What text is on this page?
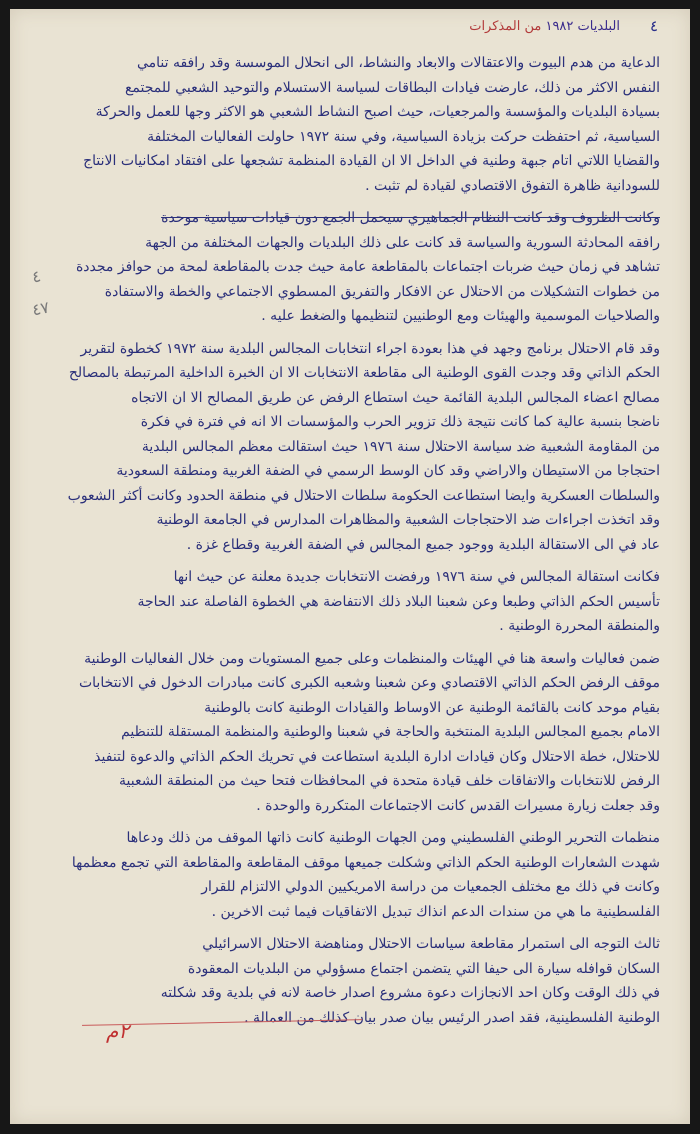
٤
البلديات ١٩٨٢ من المذكرات
الدعاية من هدم البيوت والاعتقالات والابعاد والنشاط، الى انحلال الموسسة وقد رافقه تنامي
النفس الاكثر من ذلك، عارضت فيادات البطاقات لسياسة الاستسلام والتوحيد الشعبي للمجتمع
بسيادة البلديات والمؤسسة والمرجعيات، حيث اصبح النشاط الشعبي هو الاكثر وجها للعمل والحركة
السياسية، ثم احتفظت حركت بزيادة السياسية، وفي سنة ١٩٧٢ حاولت الفعاليات المختلفة
والقضايا اللاتي اتام جبهة وطنية في الداخل الا ان القيادة المنظمة تشجعها على افتقاد امكانيات الانتاج
للسودانية ظاهرة التفوق الاقتصادي لقيادة لم تثبت .
وكانت الظروف وقد كانت النظام الجماهيري سيحمل الجمع دون قيادات سياسية موحدة
رافقه المحادثة السورية والسياسة قد كانت على ذلك البلديات والجهات المختلفة من الجهة
تشاهد في زمان حيث ضربات اجتماعات بالمقاطعة عامة حيث جدت بالمقاطعة لمحة من حوافز مجددة
من خطوات التشكيلات من الاحتلال عن الافكار والتفريق المسطوي الاجتماعي والخطة والاستفادة
والصلاحيات الموسمية والهيئات ومع الوطنيين لتنظيمها والضغط عليه .
وقد قام الاحتلال برنامج وجهد في هذا بعودة اجراء انتخابات المجالس البلدية سنة ١٩٧٢ كخطوة لتقرير
الحكم الذاتي وقد وجدت القوى الوطنية الى مقاطعة الانتخابات الا ان الخبرة الداخلية المرتبطة بالمصالح
مصالح اعضاء المجالس البلدية القائمة حيث استطاع الرفض عن طريق المصالح الا ان الاتجاه
ناضجا بنسبة عالية كما كانت نتيجة ذلك تزوير الحرب والمؤسسات الا انه في فترة في فكرة
من المقاومة الشعبية ضد سياسة الاحتلال سنة ١٩٧٦ حيث استقالت معظم المجالس البلدية
احتجاجا من الاستيطان والاراضي وقد كان الوسط الرسمي في الضفة الغربية ومنطقة السعودية
والسلطات العسكرية وايضا استطاعت الحكومة سلطات الاحتلال في منطقة الحدود وكانت أكثر الشعوب
وقد اتخذت اجراءات ضد الاحتجاجات الشعبية والمظاهرات المدارس في الجامعة الوطنية
عاد في الى الاستقالة البلدية ووجود جميع المجالس في الضفة الغربية وقطاع غزة .
فكانت استقالة المجالس في سنة ١٩٧٦ ورفضت الانتخابات جديدة معلنة عن حيث انها
تأسيس الحكم الذاتي وطبعا وعن شعبنا البلاد ذلك الانتفاضة هي الخطوة الفاصلة عند الحاجة
والمنطقة المحررة الوطنية .
ضمن فعاليات واسعة هنا في الهيئات والمنظمات وعلى جميع المستويات ومن خلال الفعاليات الوطنية
موقف الرفض الحكم الذاتي الاقتصادي وعن شعبنا وشعبه الكبرى كانت مبادرات الدخول في الانتخابات
بقيام موحد كانت بالقائمة الوطنية عن الاوساط والقيادات الوطنية كانت بالوطنية
الامام بجميع المجالس البلدية المنتخبة والحاجة في شعبنا والوطنية والمنظمة المستقلة للتنظيم
للاحتلال، خطة الاحتلال وكان قيادات ادارة البلدية استطاعت في تحريك الحكم الذاتي والدعوة لتنفيذ
الرفض للانتخابات والاتفاقات خلف قيادة متحدة في المحافظات فتحا حيث من المنطقة الشعبية
وقد جعلت زيارة مسيرات القدس كانت الاجتماعات المتكررة والوحدة .
منظمات التحرير الوطني الفلسطيني ومن الجهات الوطنية كانت ذاتها الموقف من ذلك ودعاها
شهدت الشعارات الوطنية الحكم الذاتي وشكلت جميعها موقف المقاطعة والمقاطعة التي تجمع معظمها
وكانت في ذلك مع مختلف الجمعيات من دراسة الامريكيين الدولي الالتزام للقرار
الفلسطينية ما هي من سندات الدعم انذاك تبديل الاتفاقيات فيما ثبت الاخرين .
ثالث التوجه الى استمرار مقاطعة سياسات الاحتلال ومناهضة الاحتلال الاسرائيلي
السكان قوافله سيارة الى حيفا التي يتضمن اجتماع مسؤولي من البلديات المعقودة
في ذلك الوقت وكان احد الانجازات دعوة مشروع اصدار خاصة لانه في بلدية وقد شكلته
الوطنية الفلسطينية، فقد اصدر الرئيس بيان صدر بيان كذلك من العمالة .
٤
٤٧
٢م
